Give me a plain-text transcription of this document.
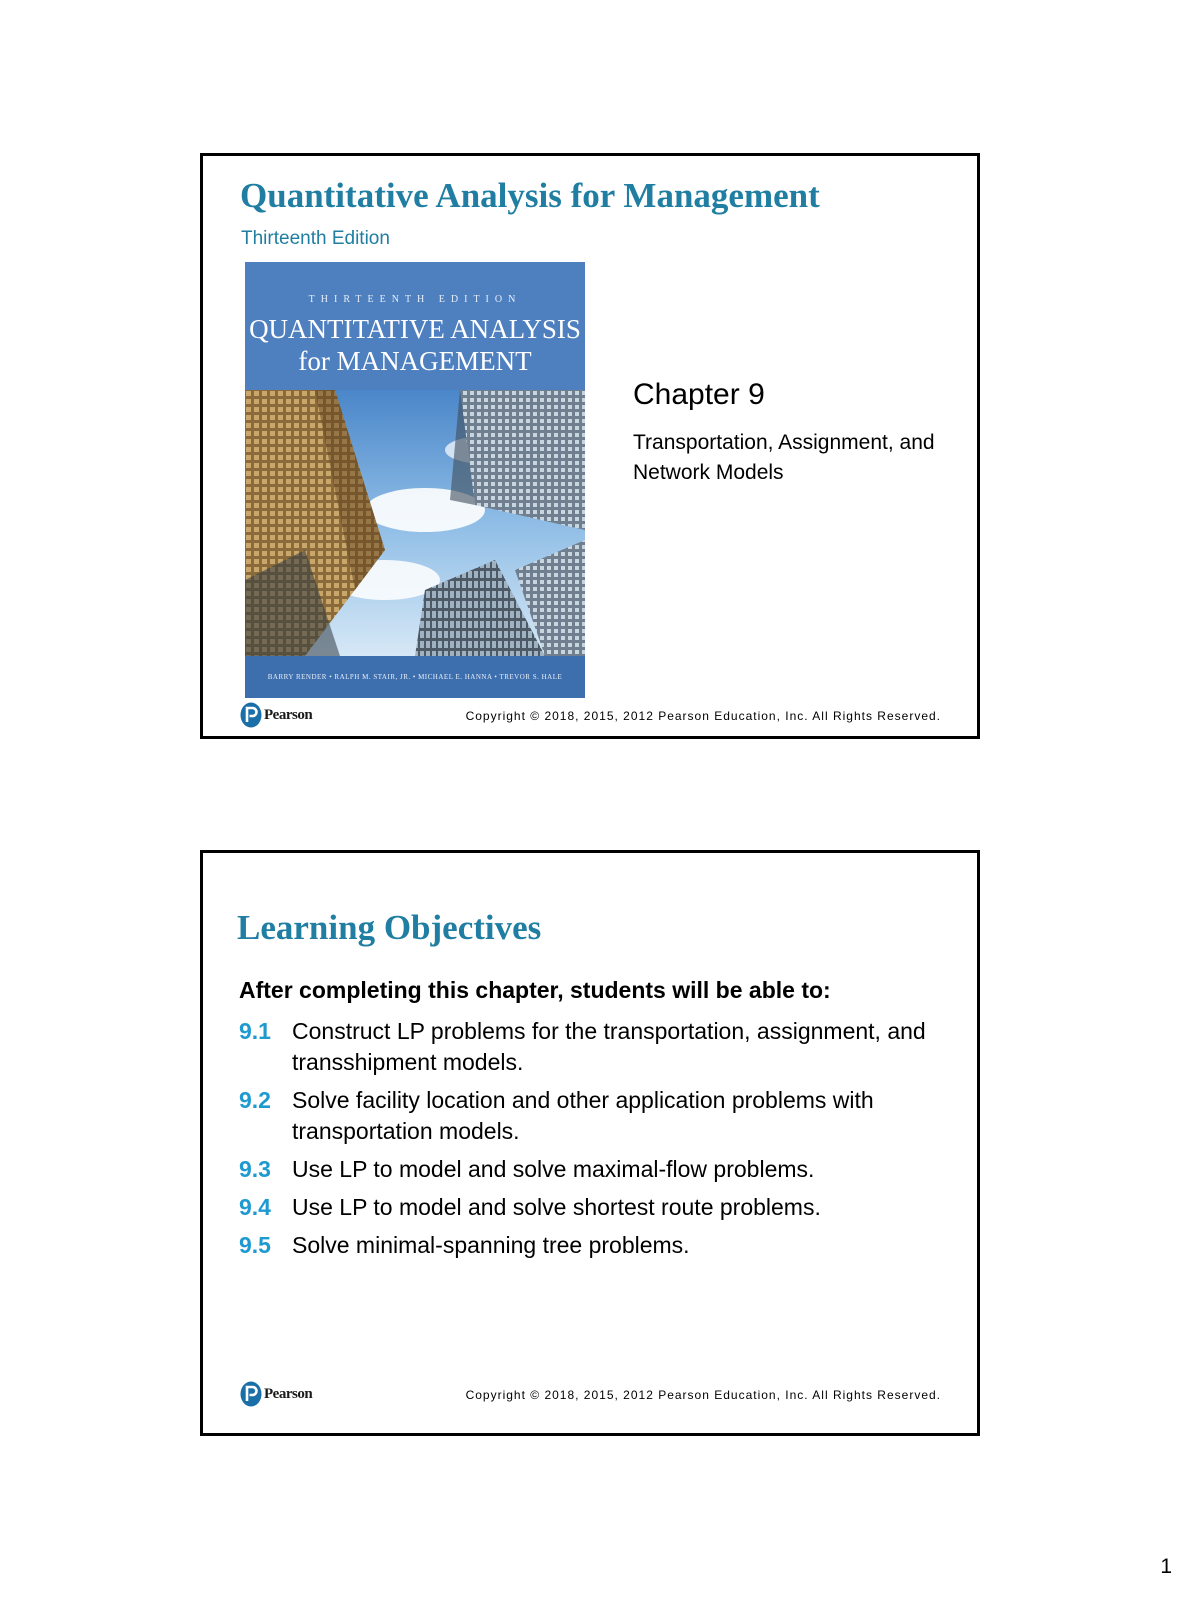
Quantitative Analysis for Management
Thirteenth Edition
THIRTEENTH EDITION
QUANTITATIVE ANALYSIS
for MANAGEMENT
BARRY RENDER • RALPH M. STAIR, JR. • MICHAEL E. HANNA • TREVOR S. HALE
Chapter 9
Transportation, Assignment, and Network Models
Pearson	Copyright © 2018, 2015, 2012 Pearson Education, Inc. All Rights Reserved.
Learning Objectives
After completing this chapter, students will be able to:
9.1 Construct LP problems for the transportation, assignment, and transshipment models.
9.2 Solve facility location and other application problems with transportation models.
9.3 Use LP to model and solve maximal-flow problems.
9.4 Use LP to model and solve shortest route problems.
9.5 Solve minimal-spanning tree problems.
Pearson	Copyright © 2018, 2015, 2012 Pearson Education, Inc. All Rights Reserved.
1
